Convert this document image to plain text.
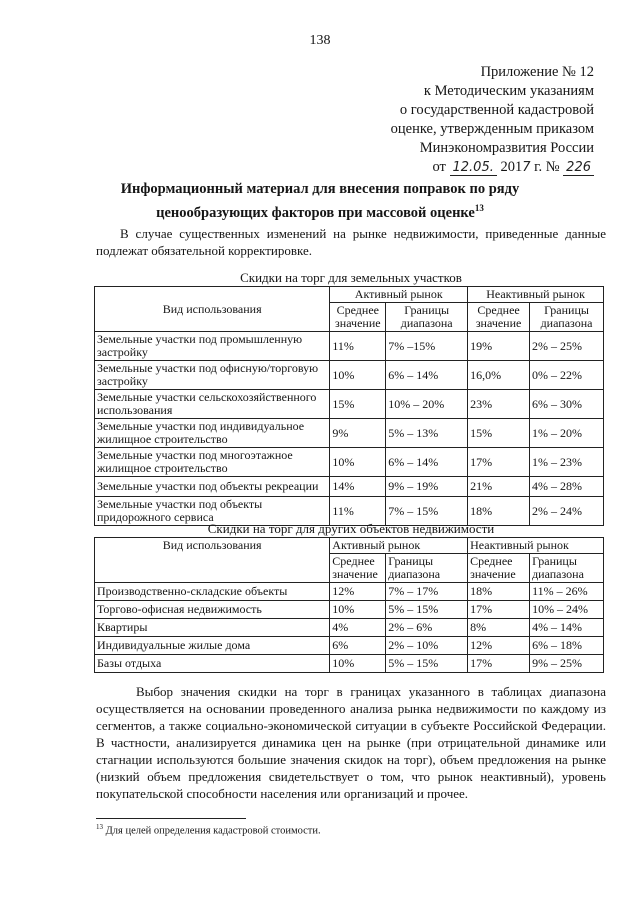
138
Приложение № 12
к Методическим указаниям
о государственной кадастровой
оценке, утвержденным приказом
Минэкономразвития России
от 12.05. 2017 г. № 226
Информационный материал для внесения поправок по ряду
ценообразующих факторов при массовой оценке$^{13}$
В случае существенных изменений на рынке недвижимости, приведенные данные подлежат обязательной корректировке.
Скидки на торг для земельных участков
Вид использования	Активный рынок		Неактивный рынок	
	Среднее значение	Границы диапазона	Среднее значение	Границы диапазона
Земельные участки под промышленную застройку	11%	7% –15%	19%	2% – 25%
Земельные участки под офисную/торговую застройку	10%	6% – 14%	16,0%	0% – 22%
Земельные участки сельскохозяйственного использования	15%	10% – 20%	23%	6% – 30%
Земельные участки под индивидуальное жилищное строительство	9%	5% – 13%	15%	1% – 20%
Земельные участки под многоэтажное жилищное строительство	10%	6% – 14%	17%	1% – 23%
Земельные участки под объекты рекреации	14%	9% – 19%	21%	4% – 28%
Земельные участки под объекты придорожного сервиса	11%	7% – 15%	18%	2% – 24%
Скидки на торг для других объектов недвижимости
Вид использования	Активный рынок		Неактивный рынок	
	Среднее значение	Границы диапазона	Среднее значение	Границы диапазона
Производственно-складские объекты	12%	7% – 17%	18%	11% – 26%
Торгово-офисная недвижимость	10%	5% – 15%	17%	10% – 24%
Квартиры	4%	2% – 6%	8%	4% – 14%
Индивидуальные жилые дома	6%	2% – 10%	12%	6% – 18%
Базы отдыха	10%	5% – 15%	17%	9% – 25%
Выбор значения скидки на торг в границах указанного в таблицах диапазона осуществляется на основании проведенного анализа рынка недвижимости по каждому из сегментов, а также социально-экономической ситуации в субъекте Российской Федерации. В частности, анализируется динамика цен на рынке (при отрицательной динамике или стагнации используются большие значения скидок на торг), объем предложения на рынке (низкий объем предложения свидетельствует о том, что рынок неактивный), уровень покупательской способности населения или организаций и прочее.
$^{13}$ Для целей определения кадастровой стоимости.
